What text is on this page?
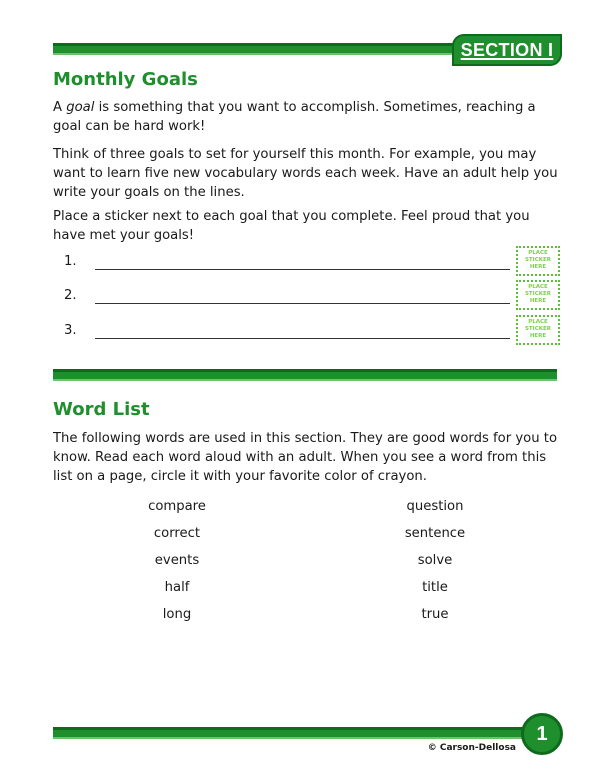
SECTION I
Monthly Goals

A goal is something that you want to accomplish. Sometimes, reaching a goal can be hard work!

Think of three goals to set for yourself this month. For example, you may want to learn five new vocabulary words each week. Have an adult help you write your goals on the lines.

Place a sticker next to each goal that you complete. Feel proud that you have met your goals!

1.
PLACE
STICKER
HERE
2.
PLACE
STICKER
HERE
3.
PLACE
STICKER
HERE
Word List

The following words are used in this section. They are good words for you to know. Read each word aloud with an adult. When you see a word from this list on a page, circle it with your favorite color of crayon.

compare
correct
events
half
long
question
sentence
solve
title
true
1
© Carson-Dellosa
